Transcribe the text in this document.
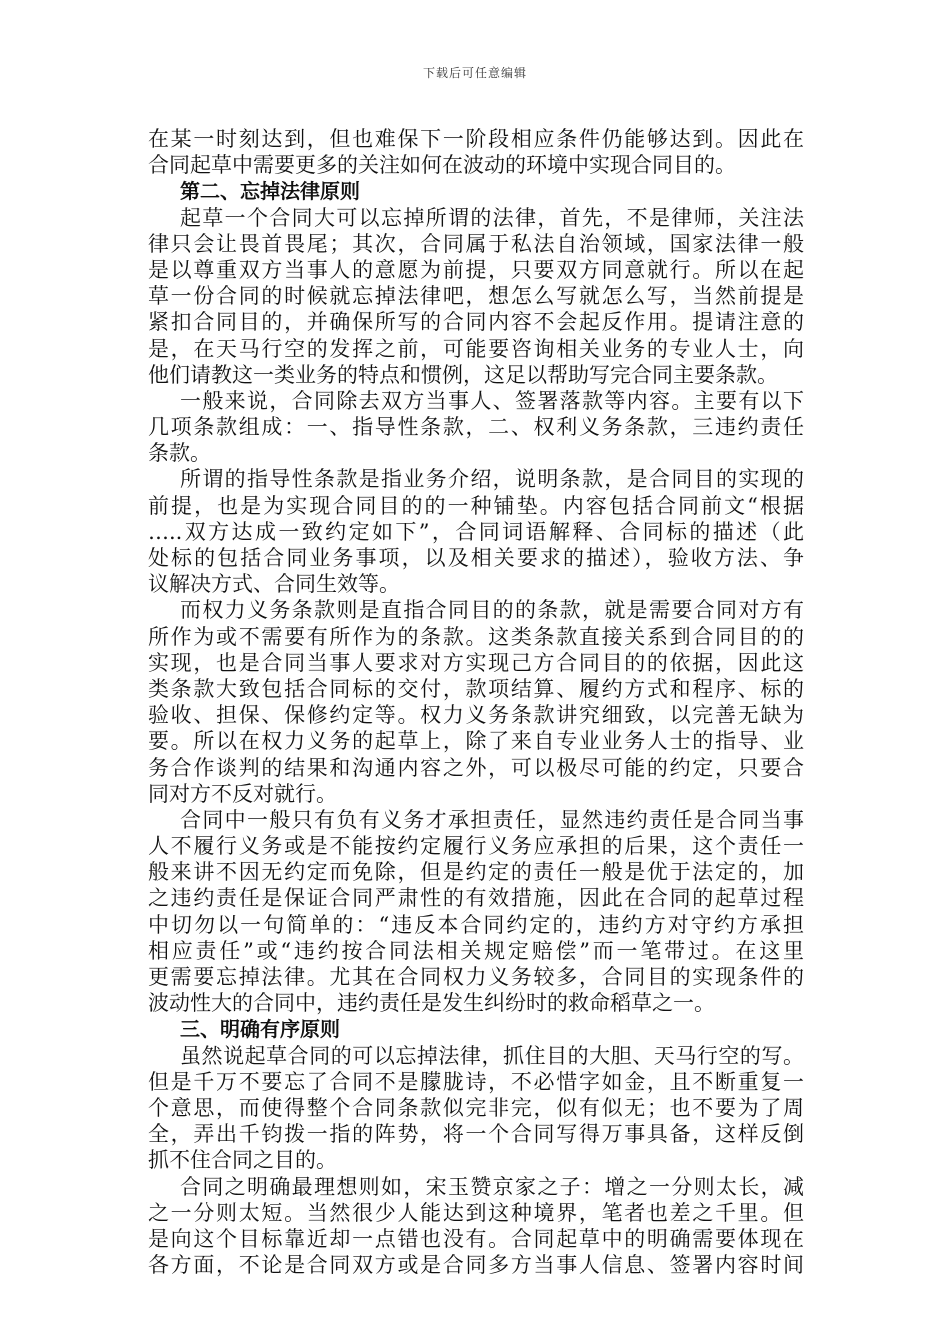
下载后可任意编辑
在某一时刻达到，但也难保下一阶段相应条件仍能够达到。因此在
合同起草中需要更多的关注如何在波动的环境中实现合同目的。
第二、忘掉法律原则
起草一个合同大可以忘掉所谓的法律，首先，不是律师，关注法
律只会让畏首畏尾；其次，合同属于私法自治领域，国家法律一般
是以尊重双方当事人的意愿为前提，只要双方同意就行。所以在起
草一份合同的时候就忘掉法律吧，想怎么写就怎么写，当然前提是
紧扣合同目的，并确保所写的合同内容不会起反作用。提请注意的
是，在天马行空的发挥之前，可能要咨询相关业务的专业人士，向
他们请教这一类业务的特点和惯例，这足以帮助写完合同主要条款。
一般来说，合同除去双方当事人、签署落款等内容。主要有以下
几项条款组成：一、指导性条款，二、权利义务条款，三违约责任
条款。
所谓的指导性条款是指业务介绍，说明条款，是合同目的实现的
前提，也是为实现合同目的的一种铺垫。内容包括合同前文“根据
…..双方达成一致约定如下”，合同词语解释、合同标的描述（此
处标的包括合同业务事项，以及相关要求的描述），验收方法、争
议解决方式、合同生效等。
而权力义务条款则是直指合同目的的条款，就是需要合同对方有
所作为或不需要有所作为的条款。这类条款直接关系到合同目的的
实现，也是合同当事人要求对方实现己方合同目的的依据，因此这
类条款大致包括合同标的交付，款项结算、履约方式和程序、标的
验收、担保、保修约定等。权力义务条款讲究细致，以完善无缺为
要。所以在权力义务的起草上，除了来自专业业务人士的指导、业
务合作谈判的结果和沟通内容之外，可以极尽可能的约定，只要合
同对方不反对就行。
合同中一般只有负有义务才承担责任，显然违约责任是合同当事
人不履行义务或是不能按约定履行义务应承担的后果，这个责任一
般来讲不因无约定而免除，但是约定的责任一般是优于法定的，加
之违约责任是保证合同严肃性的有效措施，因此在合同的起草过程
中切勿以一句简单的：“违反本合同约定的，违约方对守约方承担
相应责任”或“违约按合同法相关规定赔偿”而一笔带过。在这里
更需要忘掉法律。尤其在合同权力义务较多，合同目的实现条件的
波动性大的合同中，违约责任是发生纠纷时的救命稻草之一。
三、明确有序原则
虽然说起草合同的可以忘掉法律，抓住目的大胆、天马行空的写。
但是千万不要忘了合同不是朦胧诗，不必惜字如金，且不断重复一
个意思，而使得整个合同条款似完非完，似有似无；也不要为了周
全，弄出千钧拨一指的阵势，将一个合同写得万事具备，这样反倒
抓不住合同之目的。
合同之明确最理想则如，宋玉赞京家之子：增之一分则太长，减
之一分则太短。当然很少人能达到这种境界，笔者也差之千里。但
是向这个目标靠近却一点错也没有。合同起草中的明确需要体现在
各方面，不论是合同双方或是合同多方当事人信息、签署内容时间
